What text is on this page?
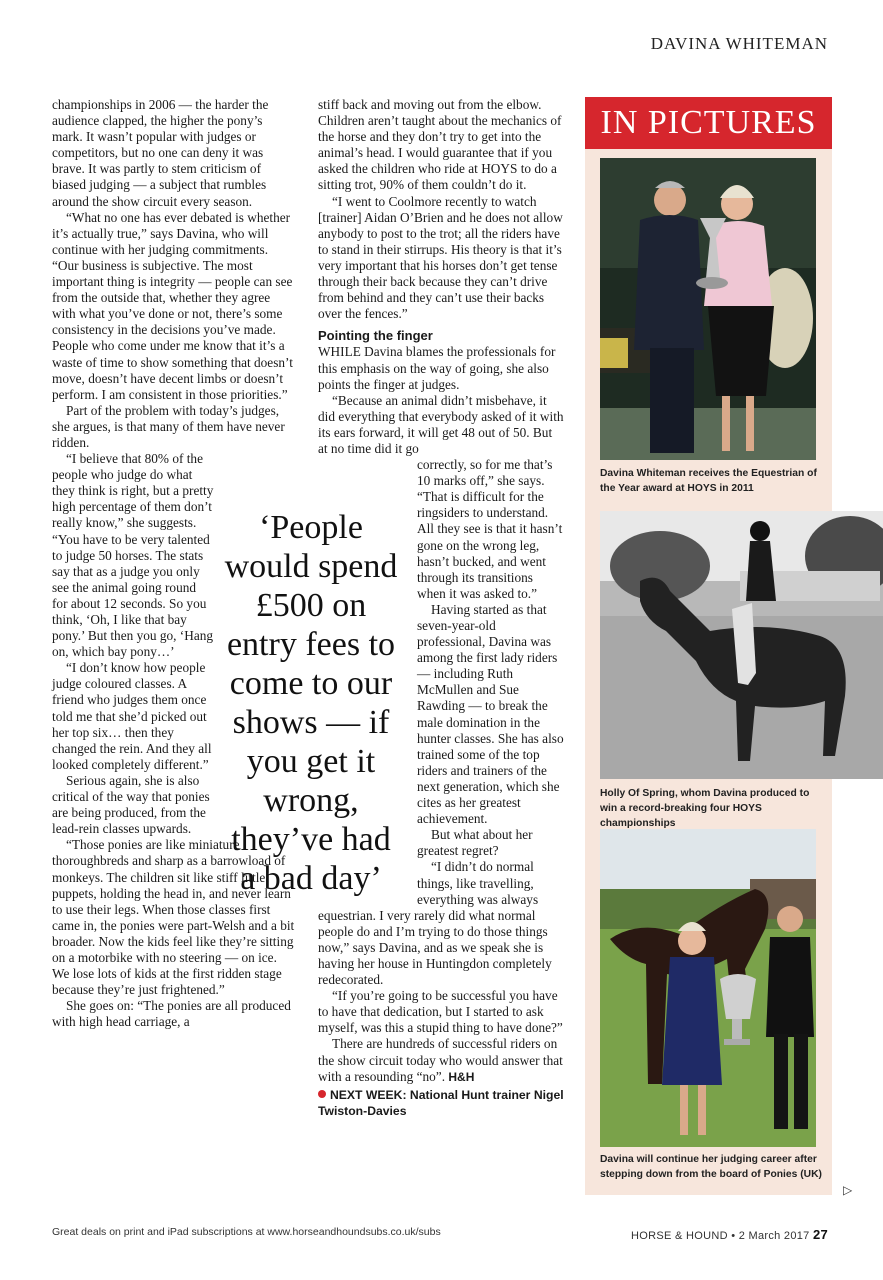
DAVINA WHITEMAN

championships in 2006 — the harder the audience clapped, the higher the pony’s mark. It wasn’t popular with judges or competitors, but no one can deny it was brave. It was partly to stem criticism of biased judging — a subject that rumbles around the show circuit every season.

“What no one has ever debated is whether it’s actually true,” says Davina, who will continue with her judging commitments. “Our business is subjective. The most important thing is integrity — people can see from the outside that, whether they agree with what you’ve done or not, there’s some consistency in the decisions you’ve made. People who come under me know that it’s a waste of time to show something that doesn’t move, doesn’t have decent limbs or doesn’t perform. I am consistent in those priorities.”

Part of the problem with today’s judges, she argues, is that many of them have never ridden.

“I believe that 80% of the people who judge do what they think is right, but a pretty high percentage of them don’t really know,” she suggests. “You have to be very talented to judge 50 horses. The stats say that as a judge you only see the animal going round for about 12 seconds. So you think, ‘Oh, I like that bay pony.’ But then you go, ‘Hang on, which bay pony…’

“I don’t know how people judge coloured classes. A friend who judges them once told me that she’d picked out her top six… then they changed the rein. And they all looked completely different.”

Serious again, she is also critical of the way that ponies are being produced, from the lead-rein classes upwards.

“Those ponies are like miniature thoroughbreds and sharp as a barrowload of monkeys. The children sit like stiff little puppets, holding the head in, and never learn to use their legs. When those classes first came in, the ponies were part-Welsh and a bit broader. Now the kids feel like they’re sitting on a motorbike with no steering — on ice. We lose lots of kids at the first ridden stage because they’re just frightened.”

She goes on: “The ponies are all produced with high head carriage, a

stiff back and moving out from the elbow. Children aren’t taught about the mechanics of the horse and they don’t try to get into the animal’s head. I would guarantee that if you asked the children who ride at HOYS to do a sitting trot, 90% of them couldn’t do it.

“I went to Coolmore recently to watch [trainer] Aidan O’Brien and he does not allow anybody to post to the trot; all the riders have to stand in their stirrups. His theory is that it’s very important that his horses don’t get tense through their back because they can’t drive from behind and they can’t use their backs over the fences.”

Pointing the finger

WHILE Davina blames the professionals for this emphasis on the way of going, she also points the finger at judges.

“Because an animal didn’t misbehave, it did everything that everybody asked of it with its ears forward, it will get 48 out of 50. But at no time did it go

correctly, so for me that’s 10 marks off,” she says. “That is difficult for the ringsiders to understand. All they see is that it hasn’t gone on the wrong leg, hasn’t bucked, and went through its transitions when it was asked to.”

Having started as that seven-year-old professional, Davina was among the first lady riders — including Ruth McMullen and Sue Rawding — to break the male domination in the hunter classes. She has also trained some of the top riders and trainers of the next generation, which she cites as her greatest achievement.

But what about her greatest regret?

“I didn’t do normal things, like travelling, everything was always

equestrian. I very rarely did what normal people do and I’m trying to do those things now,” says Davina, and as we speak she is having her house in Huntingdon completely redecorated.

“If you’re going to be successful you have to have that dedication, but I started to ask myself, was this a stupid thing to have done?”

There are hundreds of successful riders on the show circuit today who would answer that with a resounding “no”. H&H

NEXT WEEK: National Hunt trainer Nigel Twiston-Davies
‘People would spend £500 on entry fees to come to our shows — if you get it wrong, they’ve had a bad day’
IN PICTURES
Davina Whiteman receives the Equestrian of the Year award at HOYS in 2011
Holly Of Spring, whom Davina produced to win a record-breaking four HOYS championships
Davina will continue her judging career after stepping down from the board of Ponies (UK)
▷
Great deals on print and iPad subscriptions at www.horseandhoundsubs.co.uk/subs	HORSE & HOUND • 2 March 2017 27
